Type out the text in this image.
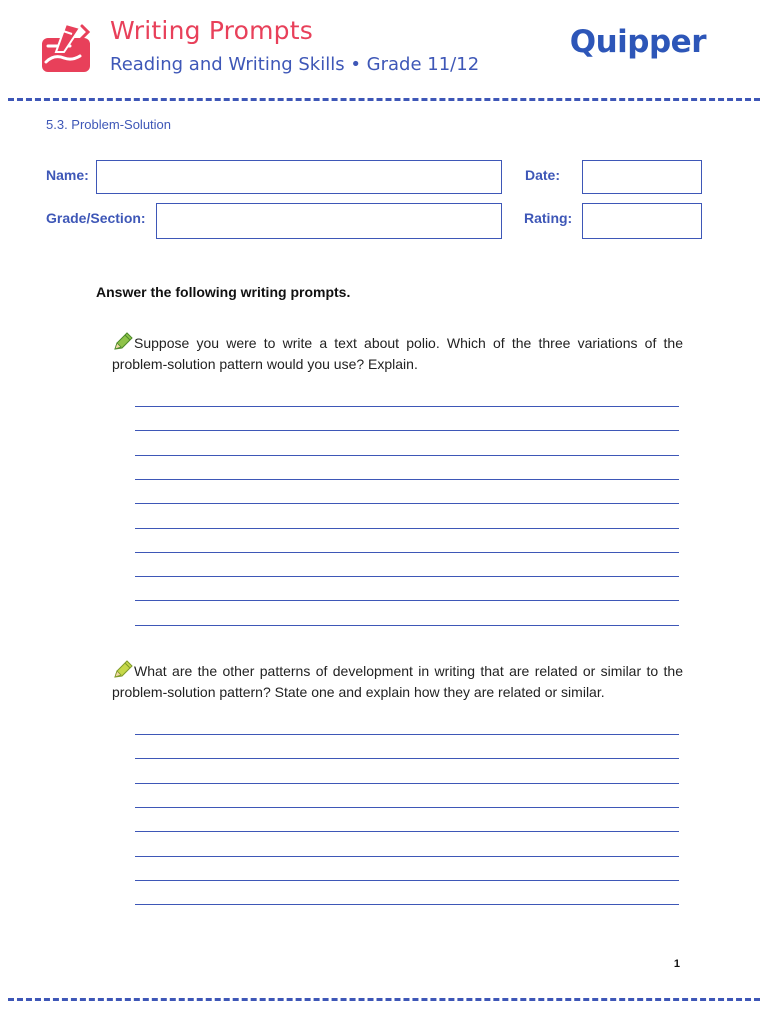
Writing Prompts
Reading and Writing Skills • Grade 11/12
Quipper
5.3. Problem-Solution
Name:	Date:
Grade/Section:	Rating:
Answer the following writing prompts.
Suppose you were to write a text about polio. Which of the three variations of the problem-solution pattern would you use? Explain.
What are the other patterns of development in writing that are related or similar to the problem-solution pattern? State one and explain how they are related or similar.
1
